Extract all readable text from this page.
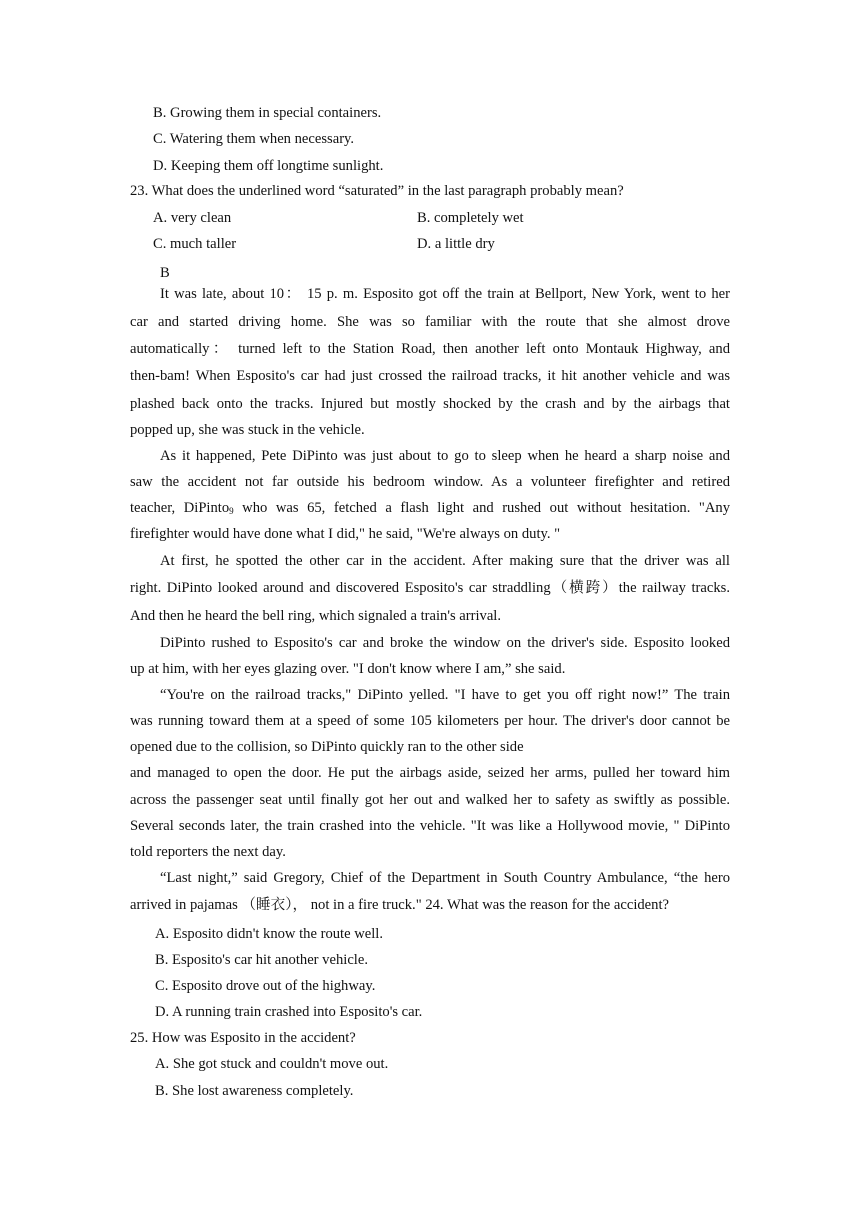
B. Growing them in special containers.
C. Watering them when necessary.
D. Keeping them off longtime sunlight.
23. What does the underlined word “saturated” in the last paragraph probably mean?
A. very clean	B. completely wet
C. much taller	D. a little dry
B
It was late, about 10： 15 p. m. Esposito got off the train at Bellport, New York, went to her
car and started driving home. She was so familiar with the route that she almost drove
automatically： turned left to the Station Road, then another left onto Montauk Highway, and
then-bam! When Esposito's car had just crossed the railroad tracks, it hit another vehicle and was
plashed back onto the tracks. Injured but mostly shocked by the crash and by the airbags that
popped up, she was stuck in the vehicle.
As it happened, Pete DiPinto was just about to go to sleep when he heard a sharp noise and
saw the accident not far outside his bedroom window. As a volunteer firefighter and retired
teacher, DiPinto$_9$ who was 65, fetched a flash light and rushed out without hesitation. "Any
firefighter would have done what I did," he said, "We're always on duty. "
At first, he spotted the other car in the accident. After making sure that the driver was all
right. DiPinto looked around and discovered Esposito's car straddling（横跨）the railway tracks.
And then he heard the bell ring, which signaled a train's arrival.
DiPinto rushed to Esposito's car and broke the window on the driver's side. Esposito looked
up at him, with her eyes glazing over. "I don't know where I am,” she said.
“You're on the railroad tracks," DiPinto yelled. "I have to get you off right now!” The train
was running toward them at a speed of some 105 kilometers per hour. The driver's door cannot be
opened due to the collision, so DiPinto quickly ran to the other side
and managed to open the door. He put the airbags aside, seized her arms, pulled her toward him
across the passenger seat until finally got her out and walked her to safety as swiftly as possible.
Several seconds later, the train crashed into the vehicle. "It was like a Hollywood movie, " DiPinto
told reporters the next day.
“Last night,” said Gregory, Chief of the Department in South Country Ambulance, “the hero
arrived in pajamas （睡衣）， not in a fire truck." 24. What was the reason for the accident?
A. Esposito didn't know the route well.
B. Esposito's car hit another vehicle.
C. Esposito drove out of the highway.
D. A running train crashed into Esposito's car.
25. How was Esposito in the accident?
A. She got stuck and couldn't move out.
B. She lost awareness completely.
